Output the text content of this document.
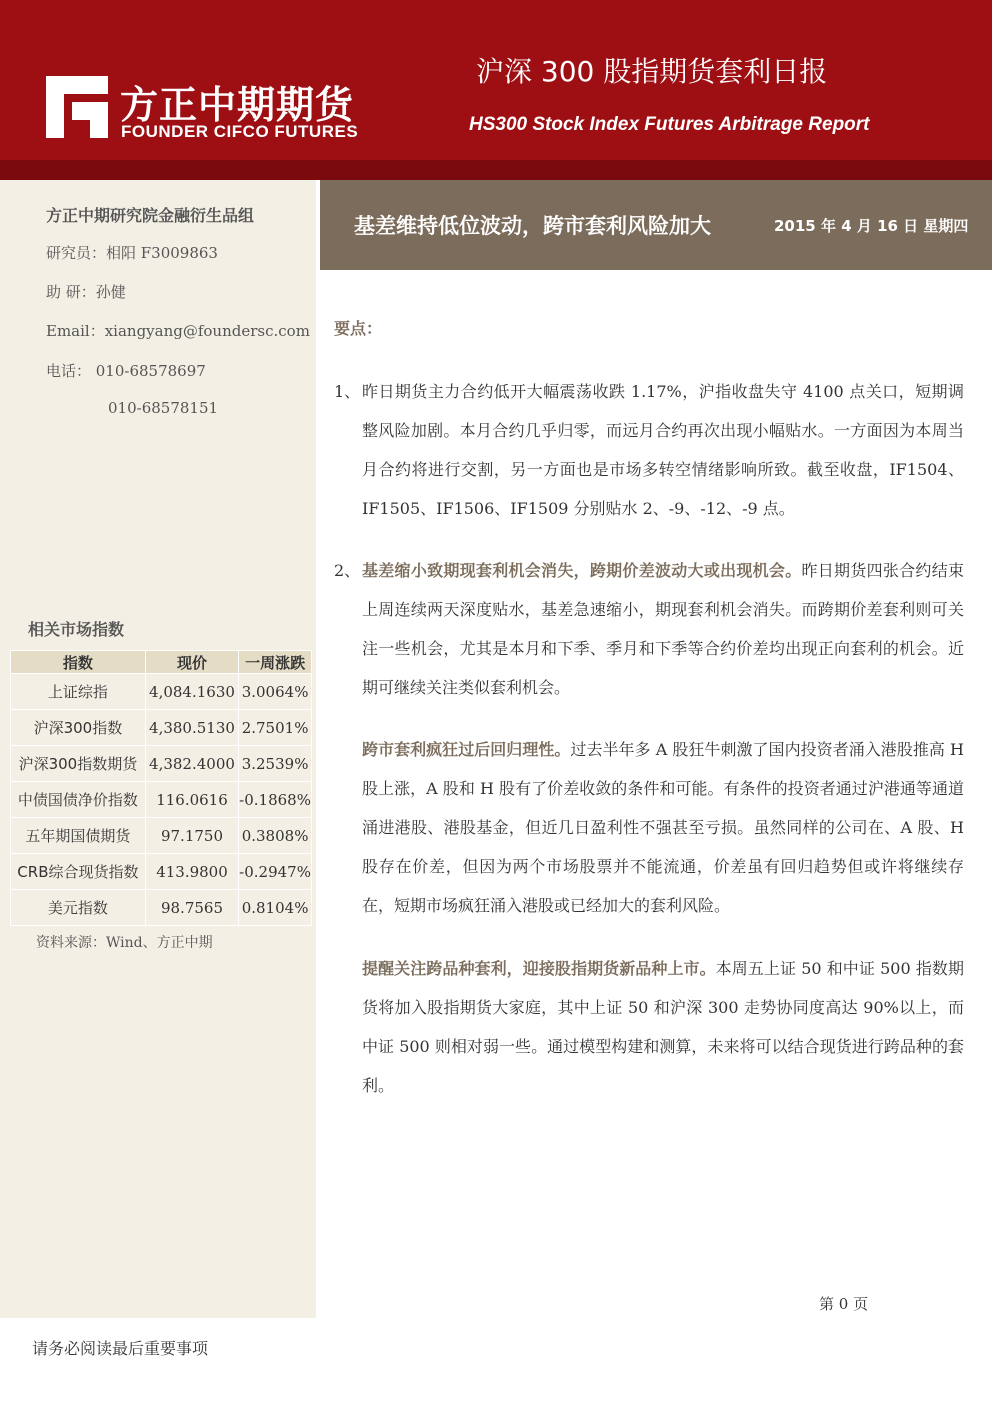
方正中期期货
FOUNDER CIFCO FUTURES
沪深 300 股指期货套利日报
HS300 Stock Index Futures Arbitrage Report
方正中期研究院金融衍生品组
研究员：相阳 F3009863
助 研：孙健
Email：xiangyang@foundersc.com
电话： 010-68578697
010-68578151
相关市场指数
指数	现价	一周涨跌
上证综指	4,084.1630	3.0064%
沪深300指数	4,380.5130	2.7501%
沪深300指数期货	4,382.4000	3.2539%
中债国债净价指数	116.0616	-0.1868%
五年期国债期货	97.1750	0.3808%
CRB综合现货指数	413.9800	-0.2947%
美元指数	98.7565	0.8104%
资料来源：Wind、方正中期
基差维持低位波动，跨市套利风险加大	2015 年 4 月 16 日 星期四
要点：
1、 昨日期货主力合约低开大幅震荡收跌 1.17%，沪指收盘失守 4100 点关口，短期调整风险加剧。本月合约几乎归零，而远月合约再次出现小幅贴水。一方面因为本周当月合约将进行交割，另一方面也是市场多转空情绪影响所致。截至收盘，IF1504、IF1505、IF1506、IF1509 分别贴水 2、-9、-12、-9 点。
2、 基差缩小致期现套利机会消失，跨期价差波动大或出现机会。昨日期货四张合约结束上周连续两天深度贴水，基差急速缩小，期现套利机会消失。而跨期价差套利则可关注一些机会，尤其是本月和下季、季月和下季等合约价差均出现正向套利的机会。近期可继续关注类似套利机会。
跨市套利疯狂过后回归理性。过去半年多 A 股狂牛刺激了国内投资者涌入港股推高 H 股上涨，A 股和 H 股有了价差收敛的条件和可能。有条件的投资者通过沪港通等通道涌进港股、港股基金，但近几日盈利性不强甚至亏损。虽然同样的公司在、A 股、H 股存在价差，但因为两个市场股票并不能流通，价差虽有回归趋势但或许将继续存在，短期市场疯狂涌入港股或已经加大的套利风险。
提醒关注跨品种套利，迎接股指期货新品种上市。本周五上证 50 和中证 500 指数期货将加入股指期货大家庭，其中上证 50 和沪深 300 走势协同度高达 90%以上，而中证 500 则相对弱一些。通过模型构建和测算，未来将可以结合现货进行跨品种的套利。
第 0 页
请务必阅读最后重要事项
